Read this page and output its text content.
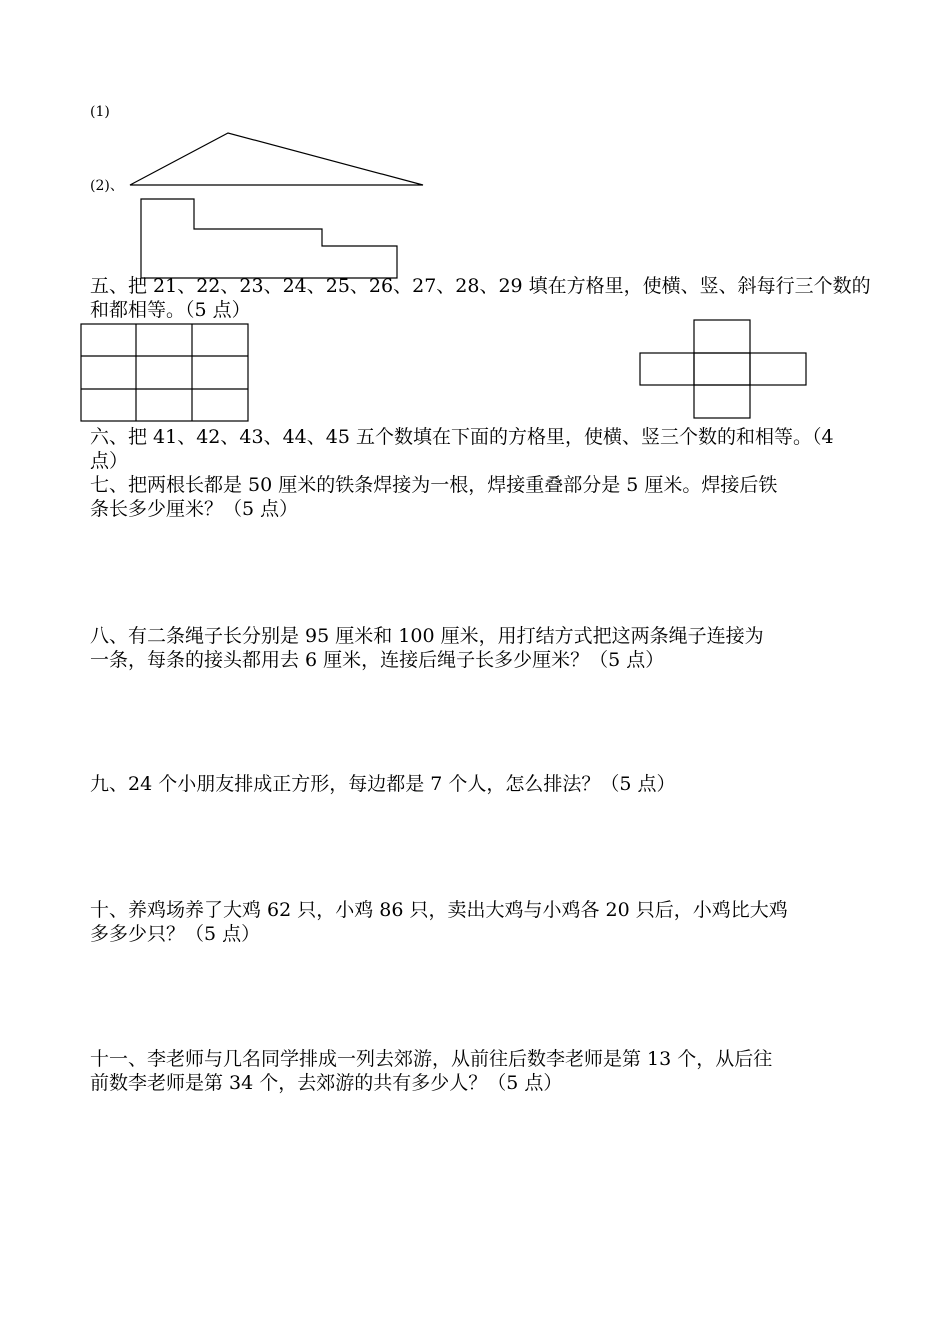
(1)
(2)、

五、把 21、22、23、24、25、26、27、28、29 填在方格里，使横、竖、斜每行三个数的

和都相等。（5 点）

六、把 41、42、43、44、45 五个数填在下面的方格里，使横、竖三个数的和相等。（4

点）

七、把两根长都是 50 厘米的铁条焊接为一根，焊接重叠部分是 5 厘米。焊接后铁

条长多少厘米？（5 点）

八、有二条绳子长分别是 95 厘米和 100 厘米，用打结方式把这两条绳子连接为

一条，每条的接头都用去 6 厘米，连接后绳子长多少厘米？（5 点）

九、24 个小朋友排成正方形，每边都是 7 个人，怎么排法？（5 点）

十、养鸡场养了大鸡 62 只，小鸡 86 只，卖出大鸡与小鸡各 20 只后，小鸡比大鸡

多多少只？（5 点）

十一、李老师与几名同学排成一列去郊游，从前往后数李老师是第 13 个，从后往

前数李老师是第 34 个，去郊游的共有多少人？（5 点）
